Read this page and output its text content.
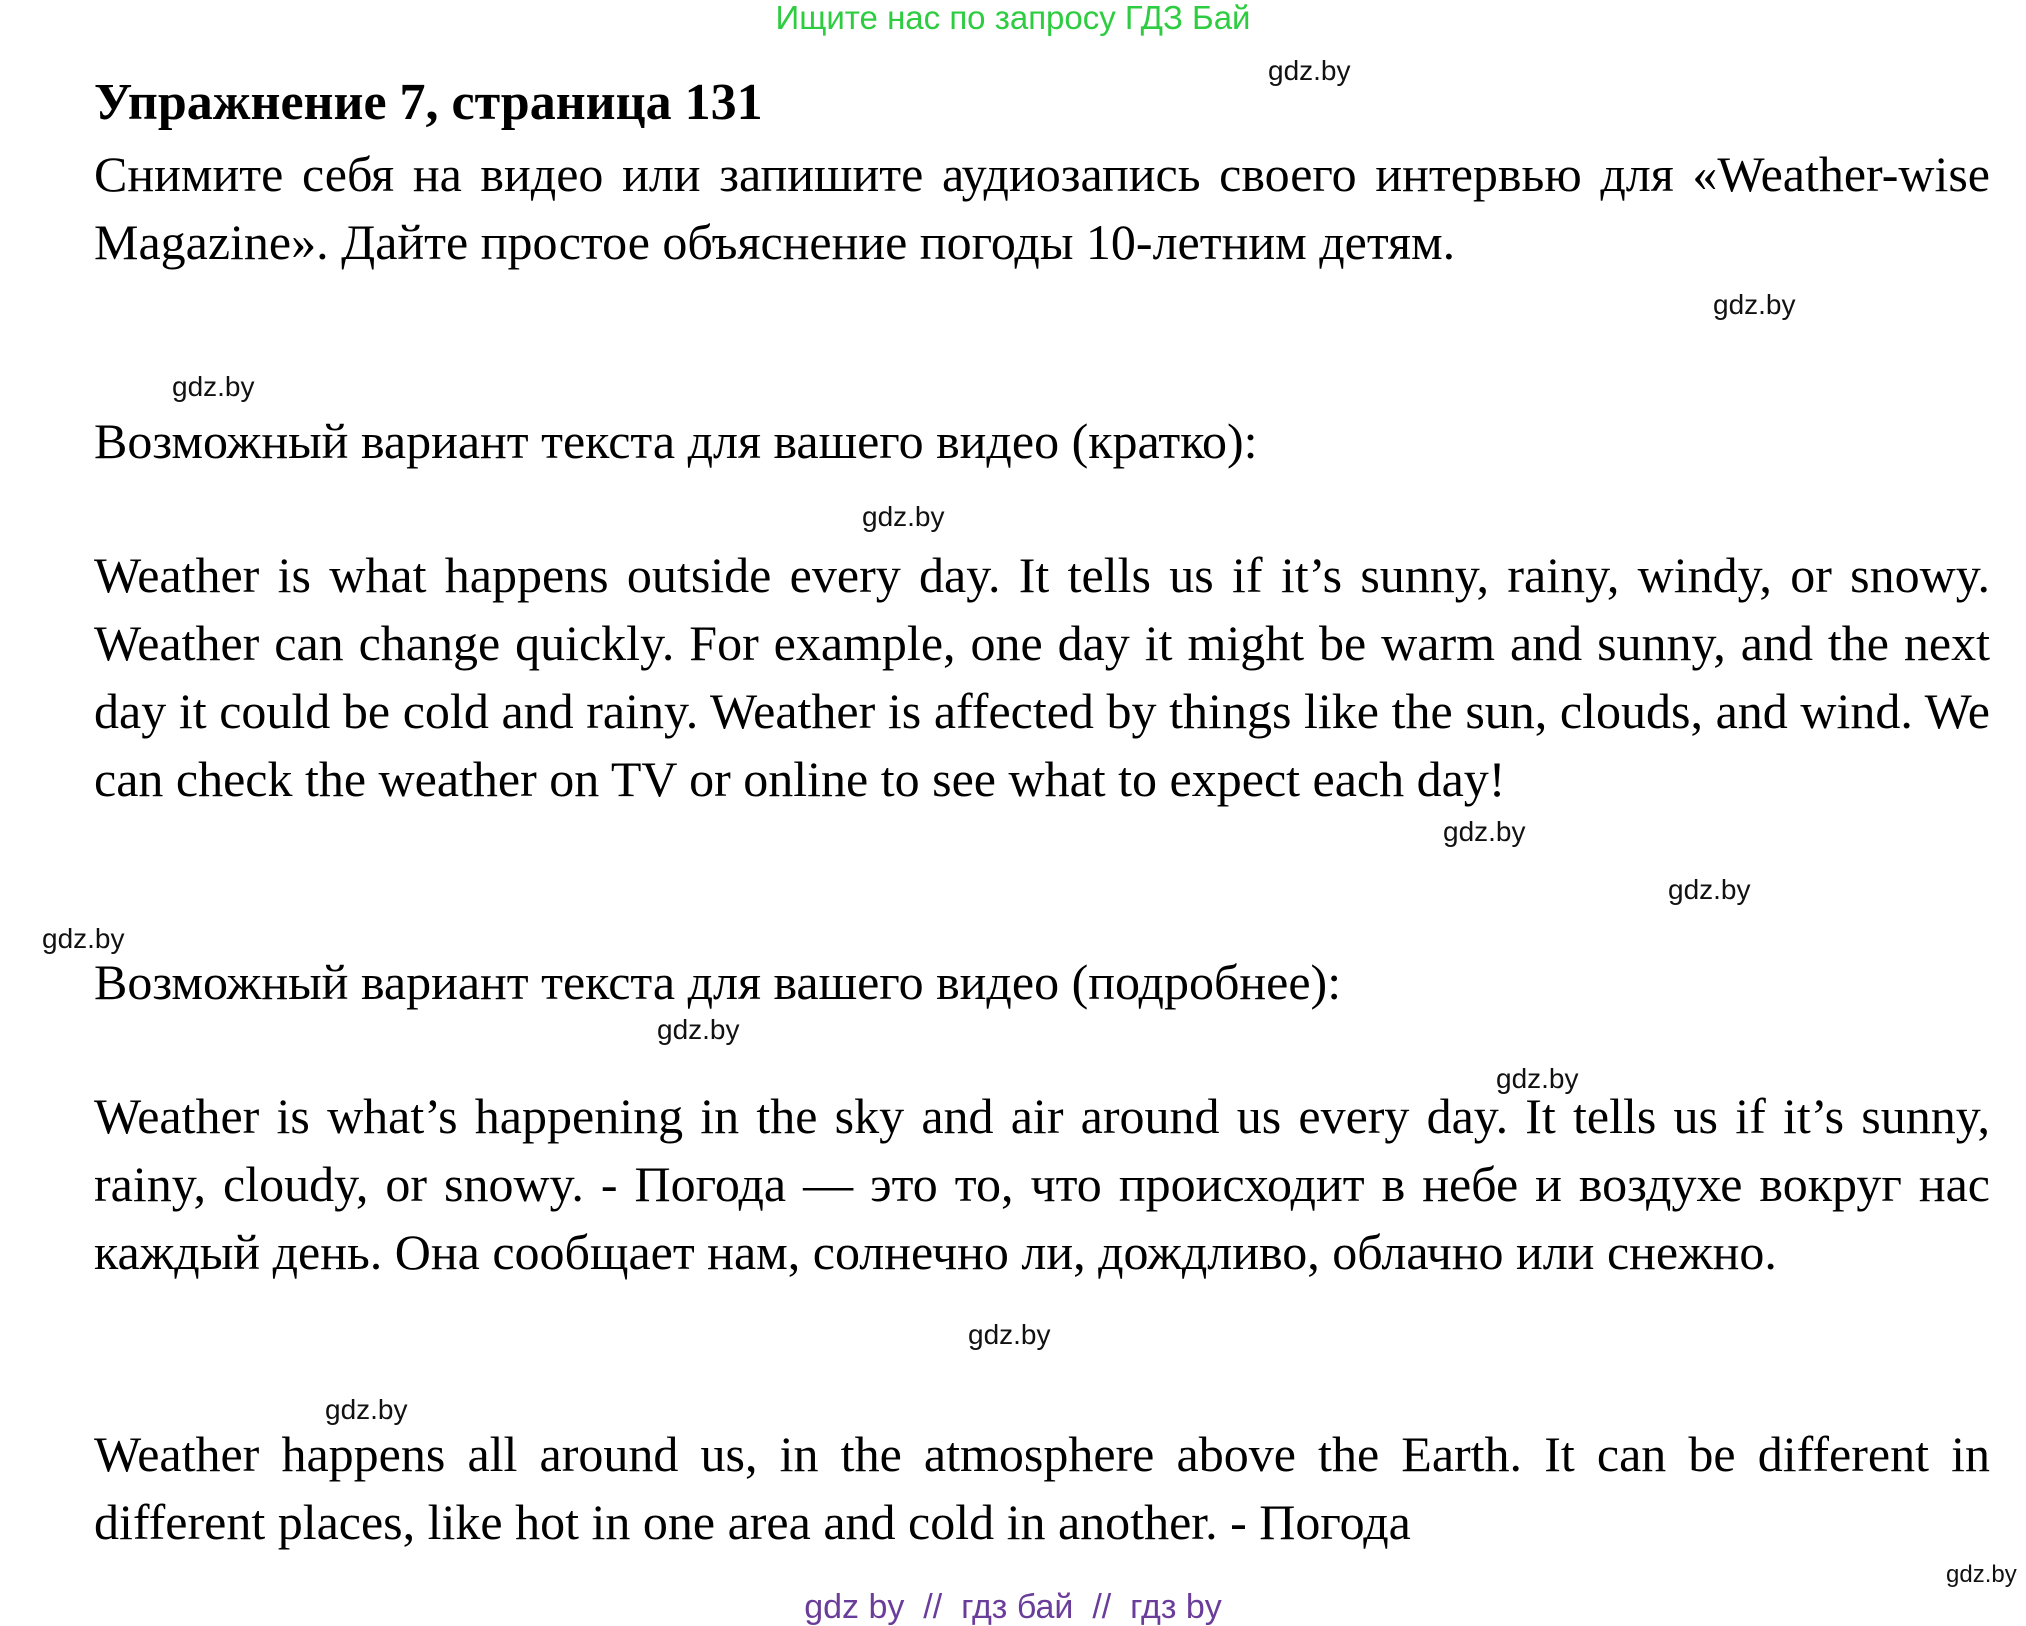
Ищите нас по запросу ГДЗ Бай
Упражнение 7, страница 131

Снимите себя на видео или запишите аудиозапись своего интервью для «Weather-wise Magazine». Дайте простое объяснение погоды 10-летним детям.

Возможный вариант текста для вашего видео (кратко):

Weather is what happens outside every day. It tells us if it’s sunny, rainy, windy, or snowy. Weather can change quickly. For example, one day it might be warm and sunny, and the next day it could be cold and rainy. Weather is affected by things like the sun, clouds, and wind. We can check the weather on TV or online to see what to expect each day!

Возможный вариант текста для вашего видео (подробнее):

Weather is what’s happening in the sky and air around us every day. It tells us if it’s sunny, rainy, cloudy, or snowy. - Погода — это то, что происходит в небе и воздухе вокруг нас каждый день. Она сообщает нам, солнечно ли, дождливо, облачно или снежно.

Weather happens all around us, in the atmosphere above the Earth. It can be different in different places, like hot in one area and cold in another. - Погода

gdz.by
gdz.by
gdz.by
gdz.by
gdz.by
gdz.by
gdz.by
gdz.by
gdz.by
gdz.by
gdz.by
gdz.by
gdz by  //  гдз бай  //  гдз by
